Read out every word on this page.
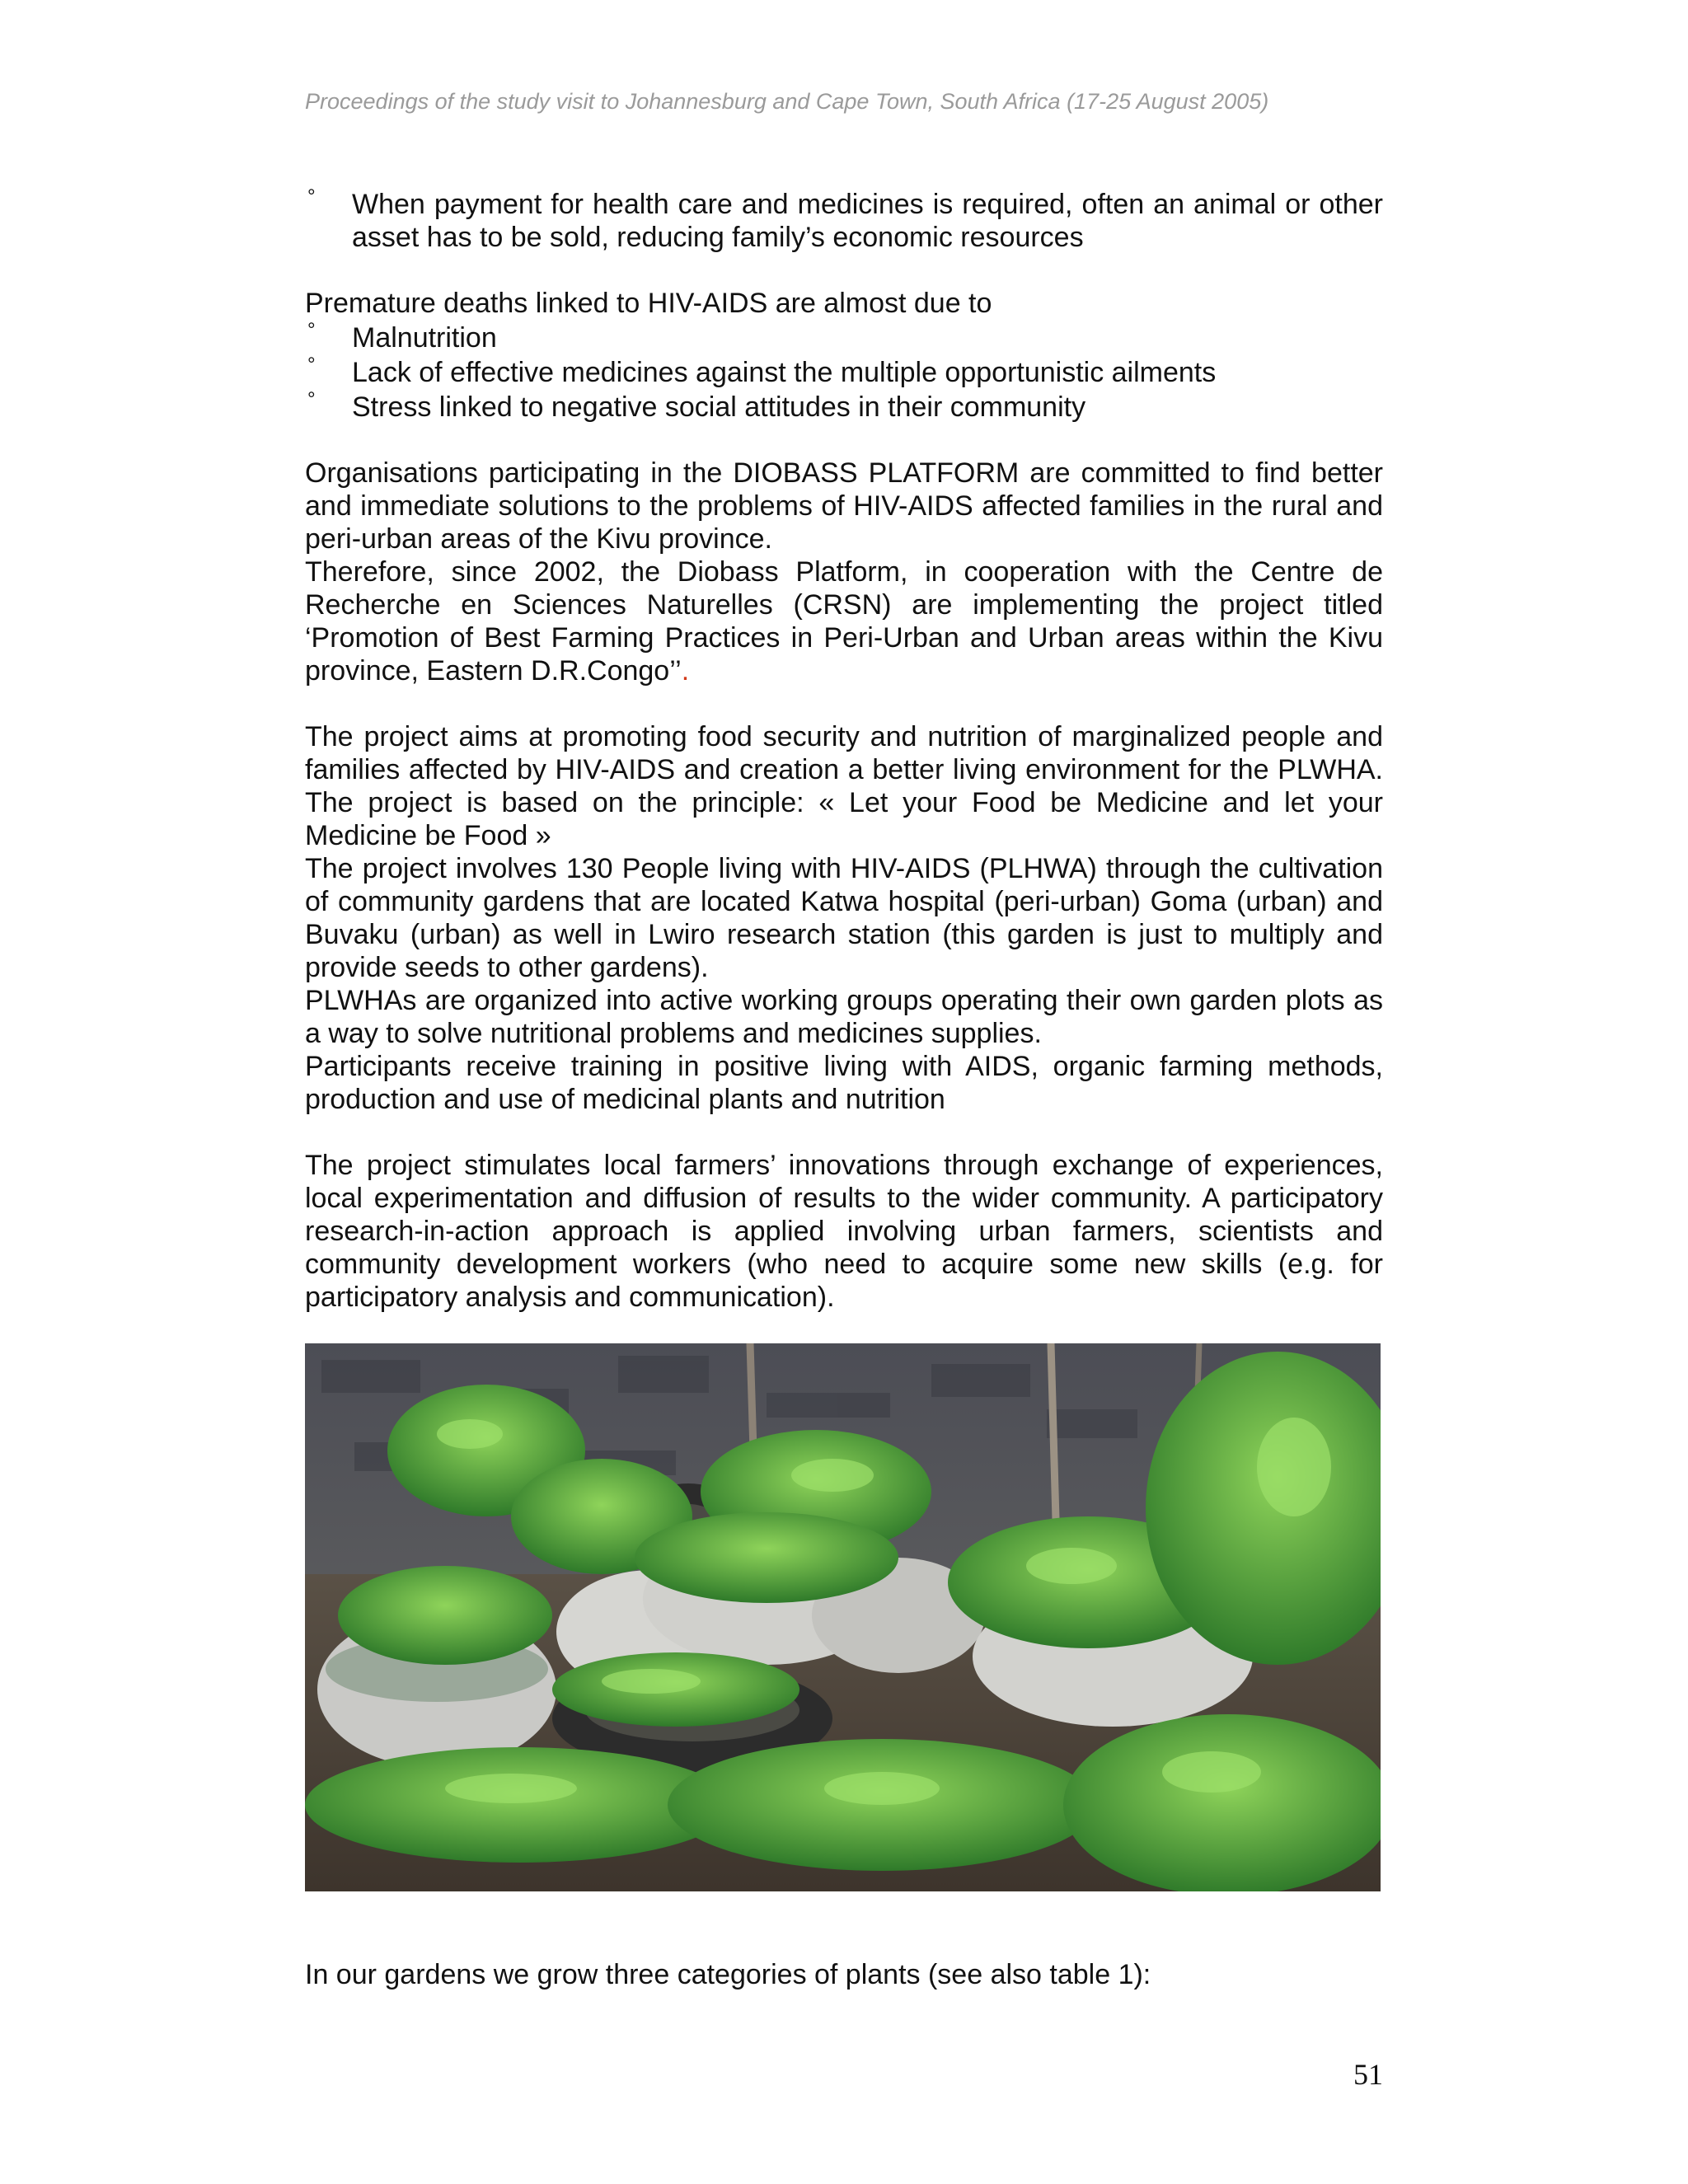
Proceedings of the study visit to Johannesburg and Cape Town, South Africa (17-25 August 2005)

° When payment for health care and medicines is required, often an animal or other asset has to be sold, reducing family’s economic resources

Premature deaths linked to HIV-AIDS are almost due to

° Malnutrition

° Lack of effective medicines against the multiple opportunistic ailments

° Stress linked to negative social attitudes in their community

Organisations participating in the DIOBASS PLATFORM are committed to find better and immediate solutions to the problems of HIV-AIDS affected families in the rural and peri-urban areas of the Kivu province.

Therefore, since 2002, the Diobass Platform, in cooperation with the Centre de Recherche en Sciences Naturelles (CRSN) are implementing the project titled ‘Promotion of Best Farming Practices in Peri-Urban and Urban areas within the Kivu province, Eastern D.R.Congo’’.

The project aims at promoting food security and nutrition of marginalized people and families affected by HIV-AIDS and creation a better living environment for the PLWHA. The project is based on the principle: « Let your Food be Medicine and let your Medicine be Food »

The project involves 130 People living with HIV-AIDS (PLHWA) through the cultivation of community gardens that are located Katwa hospital (peri-urban) Goma (urban) and Buvaku (urban) as well in Lwiro research station (this garden is just to multiply and provide seeds to other gardens).

PLWHAs are organized into active working groups operating their own garden plots as a way to solve nutritional problems and medicines supplies.

Participants receive training in positive living with AIDS, organic farming methods, production and use of medicinal plants and nutrition

The project stimulates local farmers’ innovations through exchange of experiences, local experimentation and diffusion of results to the wider community. A participatory research-in-action approach is applied involving urban farmers, scientists and community development workers (who need to acquire some new skills (e.g. for participatory analysis and communication).

In our gardens we grow three categories of plants (see also table 1):
51
